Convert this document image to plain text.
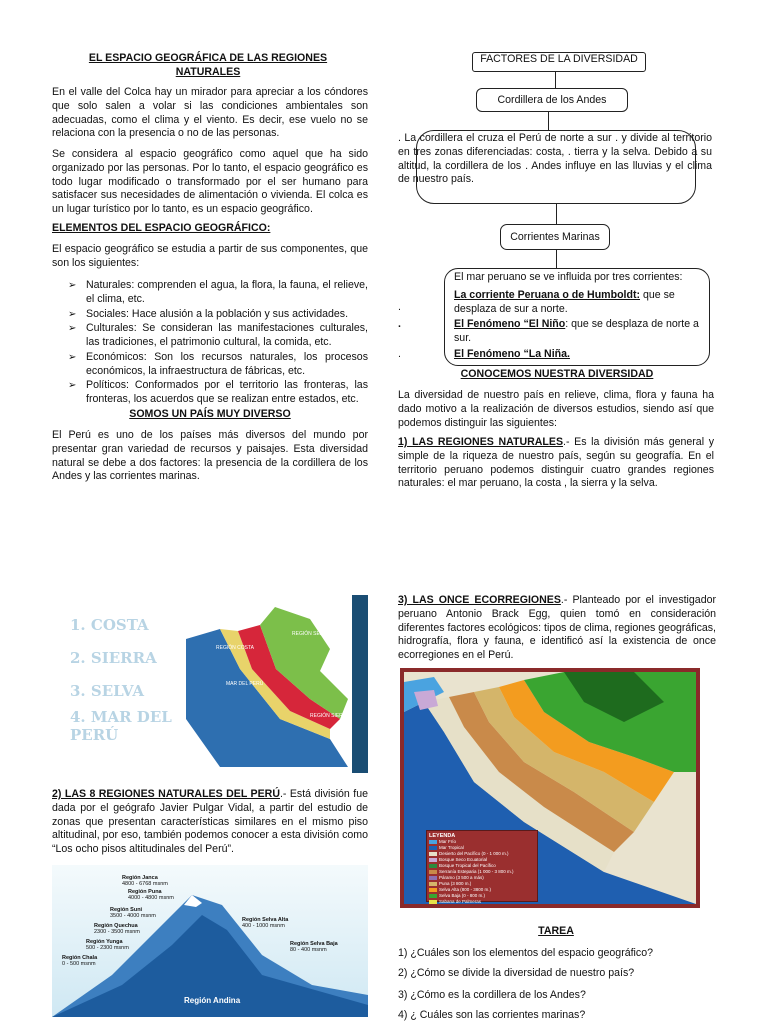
EL ESPACIO GEOGRÁFICA DE LAS REGIONES NATURALES

En el valle del Colca hay un mirador para apreciar a los cóndores que solo salen a volar si las condiciones ambientales son adecuadas, como el clima y el viento. Es decir, ese vuelo no se relaciona con la presencia o no de las personas.

Se considera al espacio geográfico como aquel que ha sido organizado por las personas. Por lo tanto, el espacio geográfico es todo lugar modificado o transformado por el ser humano para satisfacer sus necesidades de alimentación o vivienda. El colca es un lugar turístico por lo tanto, es un espacio geográfico.

ELEMENTOS DEL ESPACIO GEOGRÁFICO:

El espacio geográfico se estudia a partir de sus componentes, que son los siguientes:

➢ Naturales: comprenden el agua, la flora, la fauna, el relieve, el clima, etc.
➢ Sociales: Hace alusión a la población y sus actividades.
➢ Culturales: Se consideran las manifestaciones culturales, las tradiciones, el patrimonio cultural, la comida, etc.
➢ Económicos: Son los recursos naturales, los procesos económicos, la infraestructura de fábricas, etc.
➢ Políticos: Conformados por el territorio las fronteras, las fronteras, los acuerdos que se realizan entre estados, etc.
SOMOS UN PAÍS MUY DIVERSO

El Perú es uno de los países más diversos del mundo por presentar gran variedad de recursos y paisajes. Esta diversidad natural se debe a dos factores: la presencia de la cordillera de los Andes y las corrientes marinas.

1. COSTA
2. SIERRA
3. SELVA
4. MAR DEL PERÚ
REGIÓN SELVA
REGIÓN COSTA
MAR DEL PERÚ
REGIÓN SIERRA

2) LAS 8 REGIONES NATURALES DEL PERÚ.- Está división fue dada por el geógrafo Javier Pulgar Vidal, a partir del estudio de zonas que presentan características similares en el mismo piso altitudinal, por eso, también podemos conocer a esta división como “Los ocho pisos altitudinales del Perú”.

Región Andina
Región Janca
4800 - 6768 msnm
Región Puna
4000 - 4800 msnm
Región Suni
3500 - 4000 msnm
Región Quechua
2300 - 3500 msnm
Región Yunga
500 - 2300 msnm
Región Chala
0 - 500 msnm
Región Selva Alta
400 - 1000 msnm
Región Selva Baja
80 - 400 msnm
FACTORES DE LA DIVERSIDAD
Cordillera de los Andes

. La cordillera el cruza el Perú de norte a sur . y divide al territorio en tres zonas diferenciadas: costa, . tierra y la selva. Debido a su altitud, la cordillera de los . Andes influye en las lluvias y el clima de nuestro país.

Corrientes Marinas
El mar peruano se ve influida por tres corrientes:
.
La corriente Peruana o de Humboldt: que se desplaza de sur a norte.
.	El Fenómeno “El Niño: que se desplaza de norte a sur.
.	El Fenómeno “La Niña.
CONOCEMOS NUESTRA DIVERSIDAD

La diversidad de nuestro país en relieve, clima, flora y fauna ha dado motivo a la realización de diversos estudios, siendo así que podemos distinguir las siguientes:

1) LAS REGIONES NATURALES.- Es la división más general y simple de la riqueza de nuestro país, según su geografía. En el territorio peruano podemos distinguir cuatro grandes regiones naturales: el mar peruano, la costa , la sierra y la selva.

3) LAS ONCE ECORREGIONES.- Planteado por el investigador peruano Antonio Brack Egg, quien tomó en consideración diferentes factores ecológicos: tipos de clima, regiones geográficas, hidrografía, flora y fauna, e identificó así la existencia de once ecorregiones en el Perú.

LEYENDA
Mar Frío
Mar Tropical
Desierto del Pacífico (0 - 1 000 m.)
Bosque Seco Ecuatorial
Bosque Tropical del Pacífico
Serranía Esteparia (1 000 - 3 800 m.)
Páramo (3 500 a más)
Puna (3 800 m.)
Selva Alta (800 - 3800 m.)
Selva Baja (0 - 800 m.)
Sabana de Palmeras
TAREA
1) ¿Cuáles son los elementos del espacio geográfico?
2) ¿Cómo se divide la diversidad de nuestro país?
3) ¿Cómo es la cordillera de los Andes?
4) ¿ Cuáles son las corrientes marinas?
